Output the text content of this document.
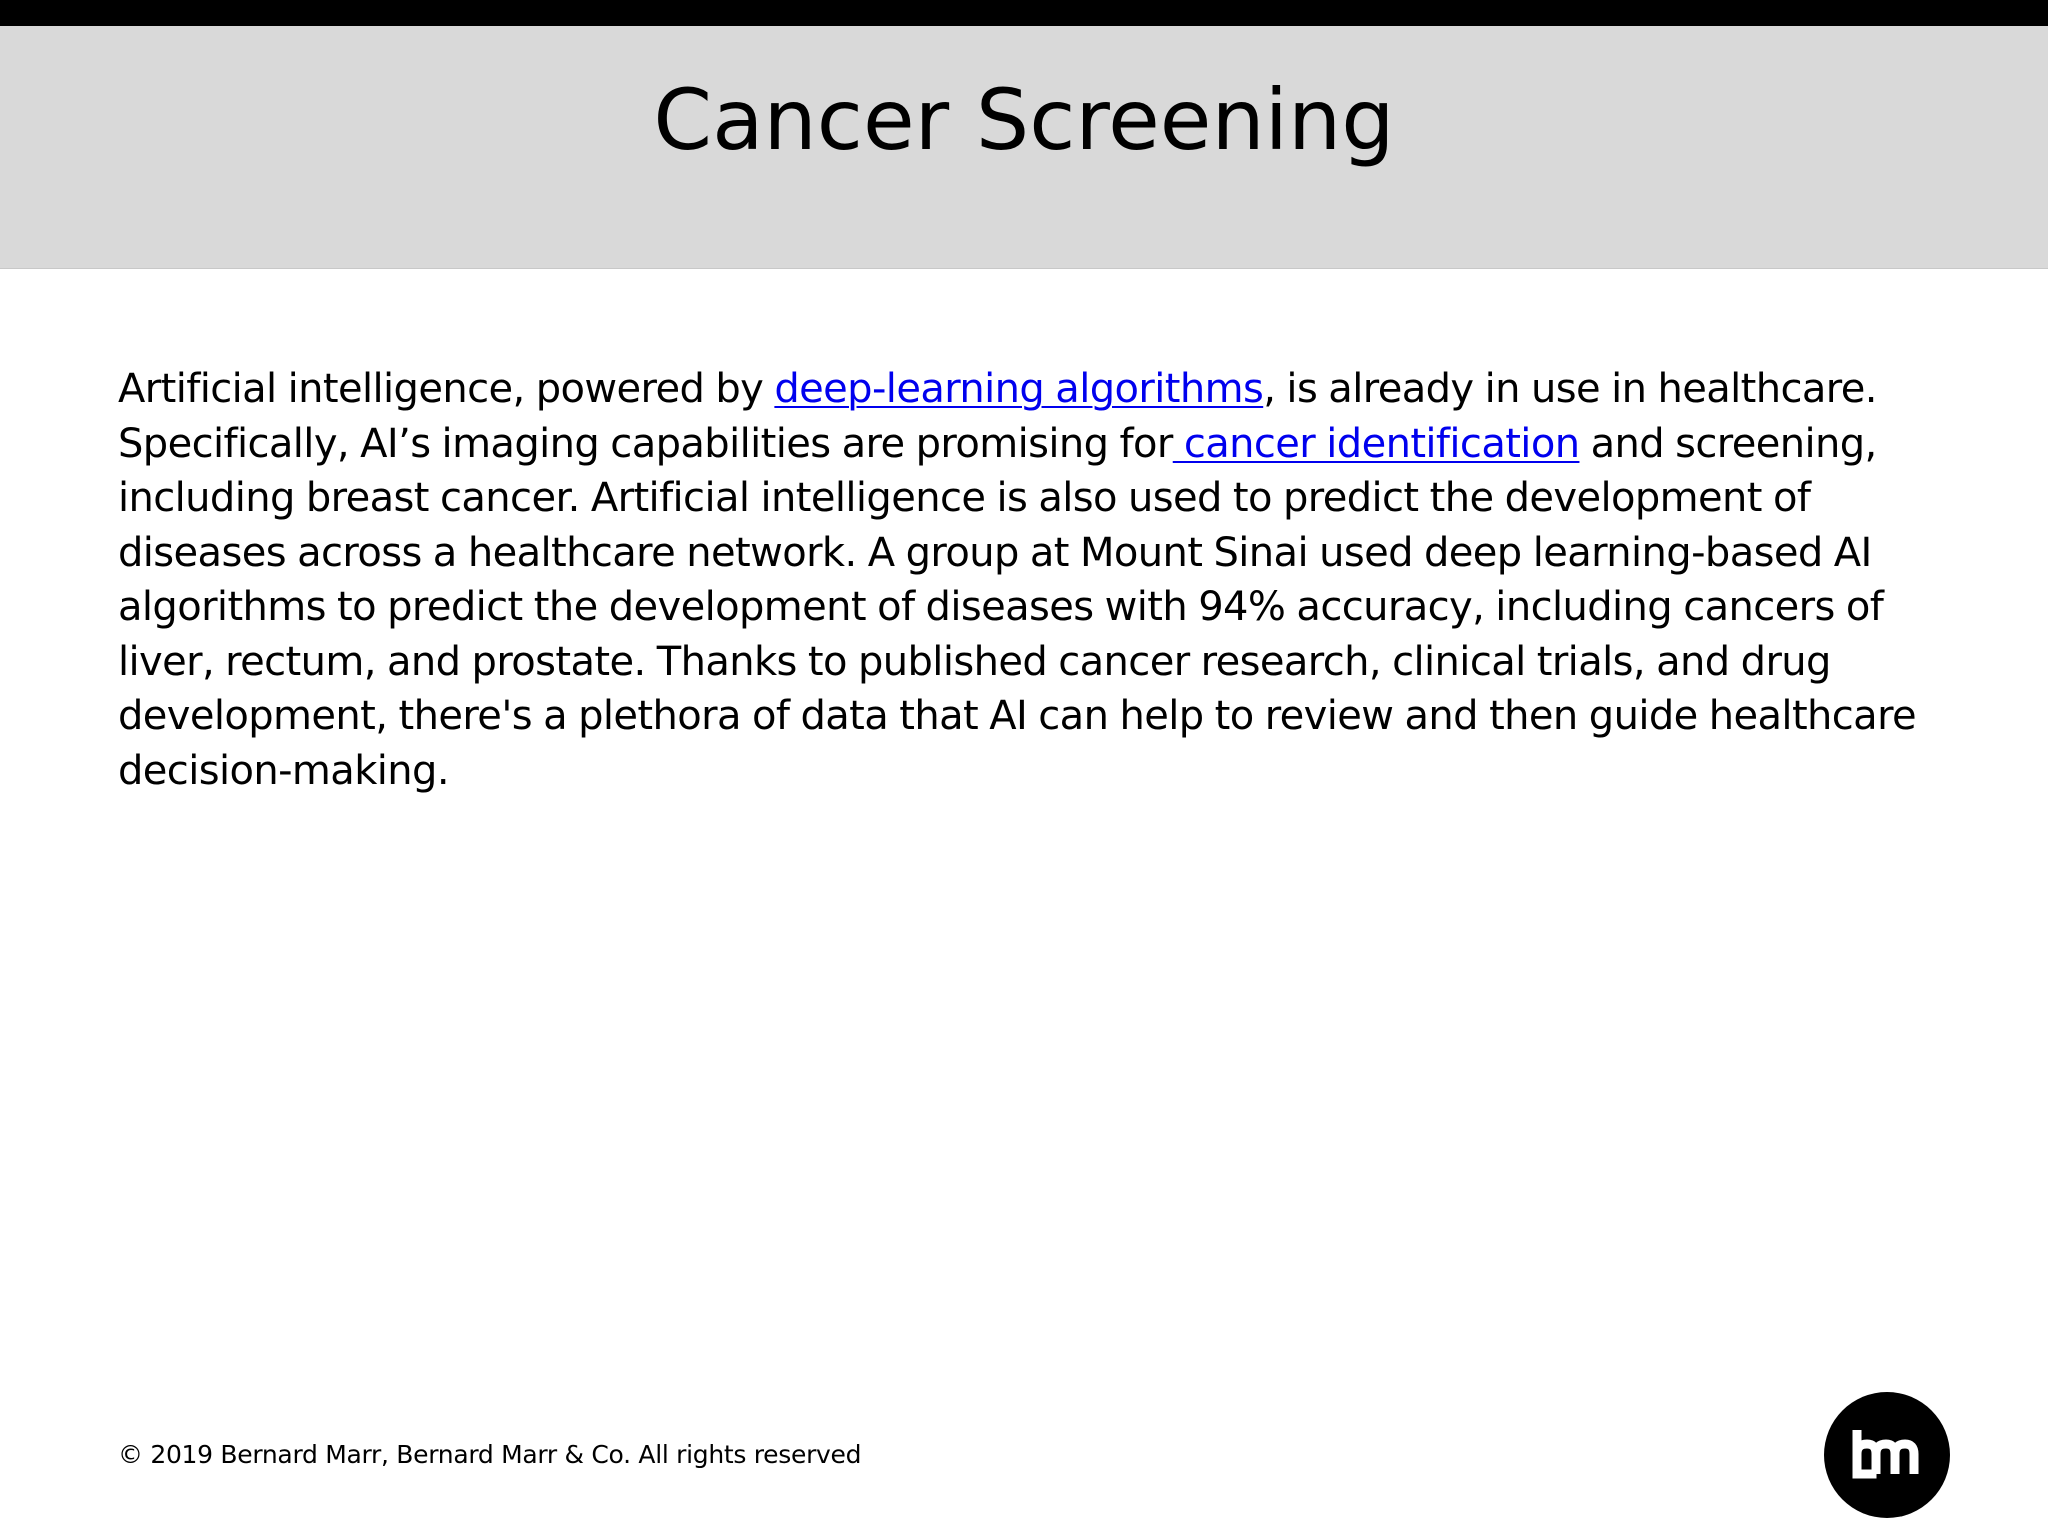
Cancer Screening

Artificial intelligence, powered by deep-learning algorithms, is already in use in healthcare. Specifically, AI’s imaging capabilities are promising for cancer identification and screening, including breast cancer. Artificial intelligence is also used to predict the development of diseases across a healthcare network. A group at Mount Sinai used deep learning-based AI algorithms to predict the development of diseases with 94% accuracy, including cancers of liver, rectum, and prostate. Thanks to published cancer research, clinical trials, and drug development, there's a plethora of data that AI can help to review and then guide healthcare decision-making.

© 2019 Bernard Marr, Bernard Marr & Co. All rights reserved
